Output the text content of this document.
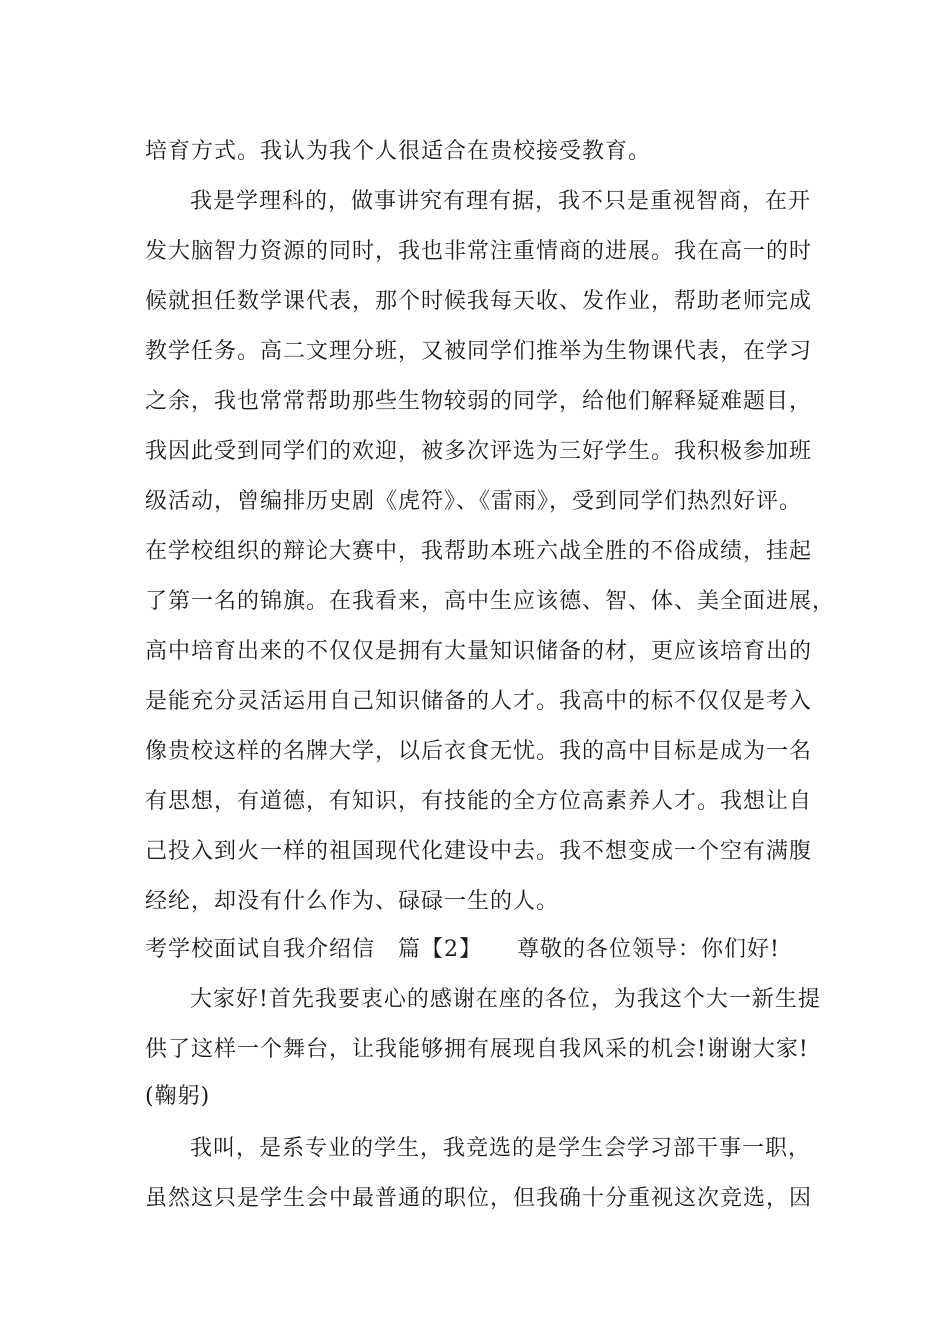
培育方式。我认为我个人很适合在贵校接受教育。
我是学理科的，做事讲究有理有据，我不只是重视智商，在开
发大脑智力资源的同时，我也非常注重情商的进展。我在高一的时
候就担任数学课代表，那个时候我每天收、发作业，帮助老师完成
教学任务。高二文理分班，又被同学们推举为生物课代表，在学习
之余，我也常常帮助那些生物较弱的同学，给他们解释疑难题目，
我因此受到同学们的欢迎，被多次评选为三好学生。我积极参加班
级活动，曾编排历史剧《虎符》、《雷雨》，受到同学们热烈好评。
在学校组织的辩论大赛中，我帮助本班六战全胜的不俗成绩，挂起
了第一名的锦旗。在我看来，高中生应该德、智、体、美全面进展，
高中培育出来的不仅仅是拥有大量知识储备的材，更应该培育出的
是能充分灵活运用自己知识储备的人才。我高中的标不仅仅是考入
像贵校这样的名牌大学，以后衣食无忧。我的高中目标是成为一名
有思想，有道德，有知识，有技能的全方位高素养人才。我想让自
己投入到火一样的祖国现代化建设中去。我不想变成一个空有满腹
经纶，却没有什么作为、碌碌一生的人。
考学校面试自我介绍信　篇【2】　　尊敬的各位领导：你们好!
大家好!首先我要衷心的感谢在座的各位，为我这个大一新生提
供了这样一个舞台，让我能够拥有展现自我风采的机会!谢谢大家!
(鞠躬)
我叫，是系专业的学生，我竞选的是学生会学习部干事一职，
虽然这只是学生会中最普通的职位，但我确十分重视这次竞选，因
